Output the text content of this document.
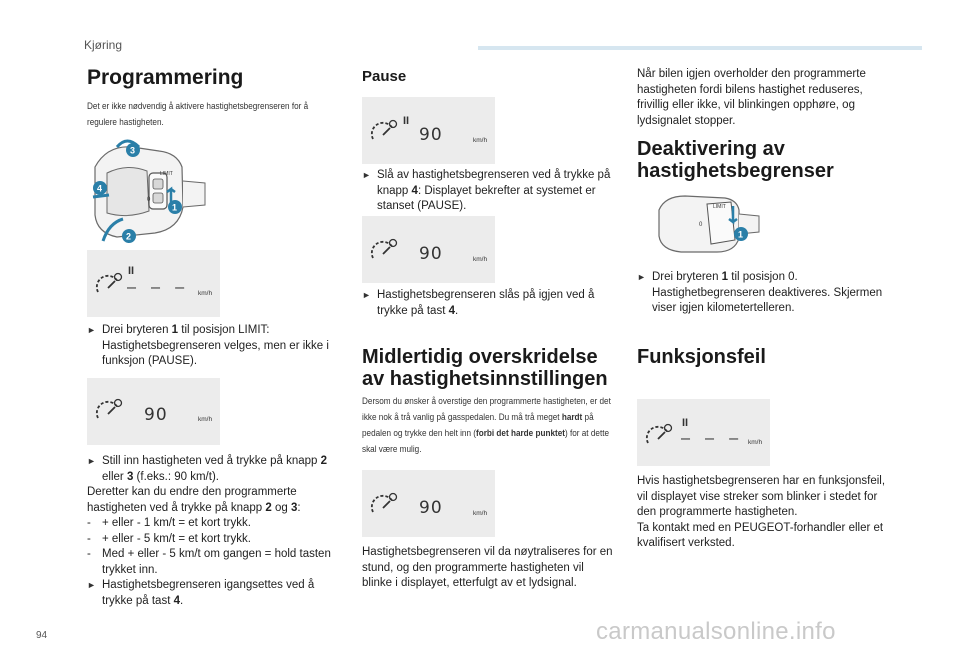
Kjøring
Programmering
Det er ikke nødvendig å aktivere hastighetsbegrenseren for å regulere hastigheten.
LIMIT
0
3
4
1
2
II
– – – km/h

► Drei bryteren 1 til posisjon LIMIT: Hastighetsbegrenseren velges, men er ikke i funksjon (PAUSE).

90	km/h

► Still inn hastigheten ved å trykke på knapp 2 eller 3 (f.eks.: 90 km/t).

Deretter kan du endre den programmerte hastigheten ved å trykke på knapp 2 og 3:

- + eller - 1 km/t = et kort trykk.

- + eller - 5 km/t = et kort trykk.

- Med + eller - 5 km/t om gangen = hold tasten trykket inn.

► Hastighetsbegrenseren igangsettes ved å trykke på tast 4.

Pause
II
90	km/h

► Slå av hastighetsbegrenseren ved å trykke på knapp 4: Displayet bekrefter at systemet er stanset (PAUSE).

90	km/h

► Hastighetsbegrenseren slås på igjen ved å trykke på tast 4.

Midlertidig overskridelse av hastighetsinnstillingen
Dersom du ønsker å overstige den programmerte hastigheten, er det ikke nok å trå vanlig på gasspedalen. Du må trå meget hardt på pedalen og trykke den helt inn (forbi det harde punktet) for at dette skal være mulig.
90	km/h
Hastighetsbegrenseren vil da nøytraliseres for en stund, og den programmerte hastigheten vil blinke i displayet, etterfulgt av et lydsignal.
Når bilen igjen overholder den programmerte hastigheten fordi bilens hastighet reduseres, frivillig eller ikke, vil blinkingen opphøre, og lydsignalet stopper.
Deaktivering av hastighetsbegrenser
LIMIT
0
1

► Drei bryteren 1 til posisjon 0. Hastighetbegrenseren deaktiveres. Skjermen viser igjen kilometertelleren.

Funksjonsfeil
II
– – – km/h

Hvis hastighetsbegrenseren har en funksjonsfeil, vil displayet vise streker som blinker i stedet for den programmerte hastigheten.

Ta kontakt med en PEUGEOT-forhandler eller et kvalifisert verksted.

94	carmanualsonline.info
